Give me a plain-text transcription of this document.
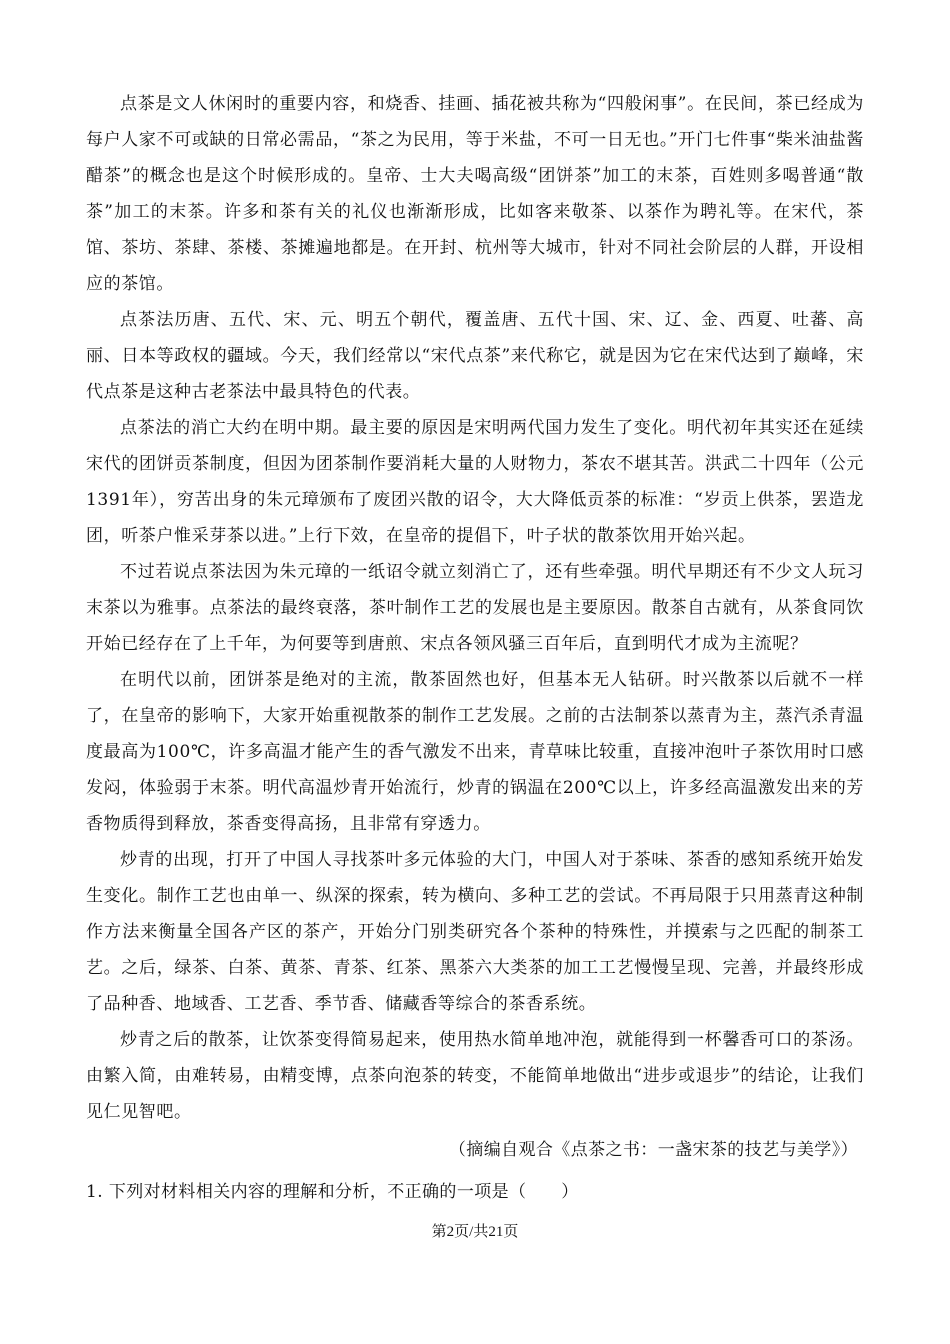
点茶是文人休闲时的重要内容，和烧香、挂画、插花被共称为“四般闲事”。在民间，茶已经成为每户人家不可或缺的日常必需品，“茶之为民用，等于米盐，不可一日无也。”开门七件事“柴米油盐酱醋茶”的概念也是这个时候形成的。皇帝、士大夫喝高级“团饼茶”加工的末茶，百姓则多喝普通“散茶”加工的末茶。许多和茶有关的礼仪也渐渐形成，比如客来敬茶、以茶作为聘礼等。在宋代，茶馆、茶坊、茶肆、茶楼、茶摊遍地都是。在开封、杭州等大城市，针对不同社会阶层的人群，开设相应的茶馆。

点茶法历唐、五代、宋、元、明五个朝代，覆盖唐、五代十国、宋、辽、金、西夏、吐蕃、高丽、日本等政权的疆域。今天，我们经常以“宋代点茶”来代称它，就是因为它在宋代达到了巅峰，宋代点茶是这种古老茶法中最具特色的代表。

点茶法的消亡大约在明中期。最主要的原因是宋明两代国力发生了变化。明代初年其实还在延续宋代的团饼贡茶制度，但因为团茶制作要消耗大量的人财物力，茶农不堪其苦。洪武二十四年（公元1391年），穷苦出身的朱元璋颁布了废团兴散的诏令，大大降低贡茶的标准：“岁贡上供茶，罢造龙团，听茶户惟采芽茶以进。”上行下效，在皇帝的提倡下，叶子状的散茶饮用开始兴起。

不过若说点茶法因为朱元璋的一纸诏令就立刻消亡了，还有些牵强。明代早期还有不少文人玩习末茶以为雅事。点茶法的最终衰落，茶叶制作工艺的发展也是主要原因。散茶自古就有，从茶食同饮开始已经存在了上千年，为何要等到唐煎、宋点各领风骚三百年后，直到明代才成为主流呢？

在明代以前，团饼茶是绝对的主流，散茶固然也好，但基本无人钻研。时兴散茶以后就不一样了，在皇帝的影响下，大家开始重视散茶的制作工艺发展。之前的古法制茶以蒸青为主，蒸汽杀青温度最高为100℃，许多高温才能产生的香气激发不出来，青草味比较重，直接冲泡叶子茶饮用时口感发闷，体验弱于末茶。明代高温炒青开始流行，炒青的锅温在200℃以上，许多经高温激发出来的芳香物质得到释放，茶香变得高扬，且非常有穿透力。

炒青的出现，打开了中国人寻找茶叶多元体验的大门，中国人对于茶味、茶香的感知系统开始发生变化。制作工艺也由单一、纵深的探索，转为横向、多种工艺的尝试。不再局限于只用蒸青这种制作方法来衡量全国各产区的茶产，开始分门别类研究各个茶种的特殊性，并摸索与之匹配的制茶工艺。之后，绿茶、白茶、黄茶、青茶、红茶、黑茶六大类茶的加工工艺慢慢呈现、完善，并最终形成了品种香、地域香、工艺香、季节香、储藏香等综合的茶香系统。

炒青之后的散茶，让饮茶变得简易起来，使用热水简单地冲泡，就能得到一杯馨香可口的茶汤。由繁入简，由难转易，由精变博，点茶向泡茶的转变，不能简单地做出“进步或退步”的结论，让我们见仁见智吧。

（摘编自观合《点茶之书：一盏宋茶的技艺与美学》）
1. 下列对材料相关内容的理解和分析，不正确的一项是（　　）
第2页/共21页
